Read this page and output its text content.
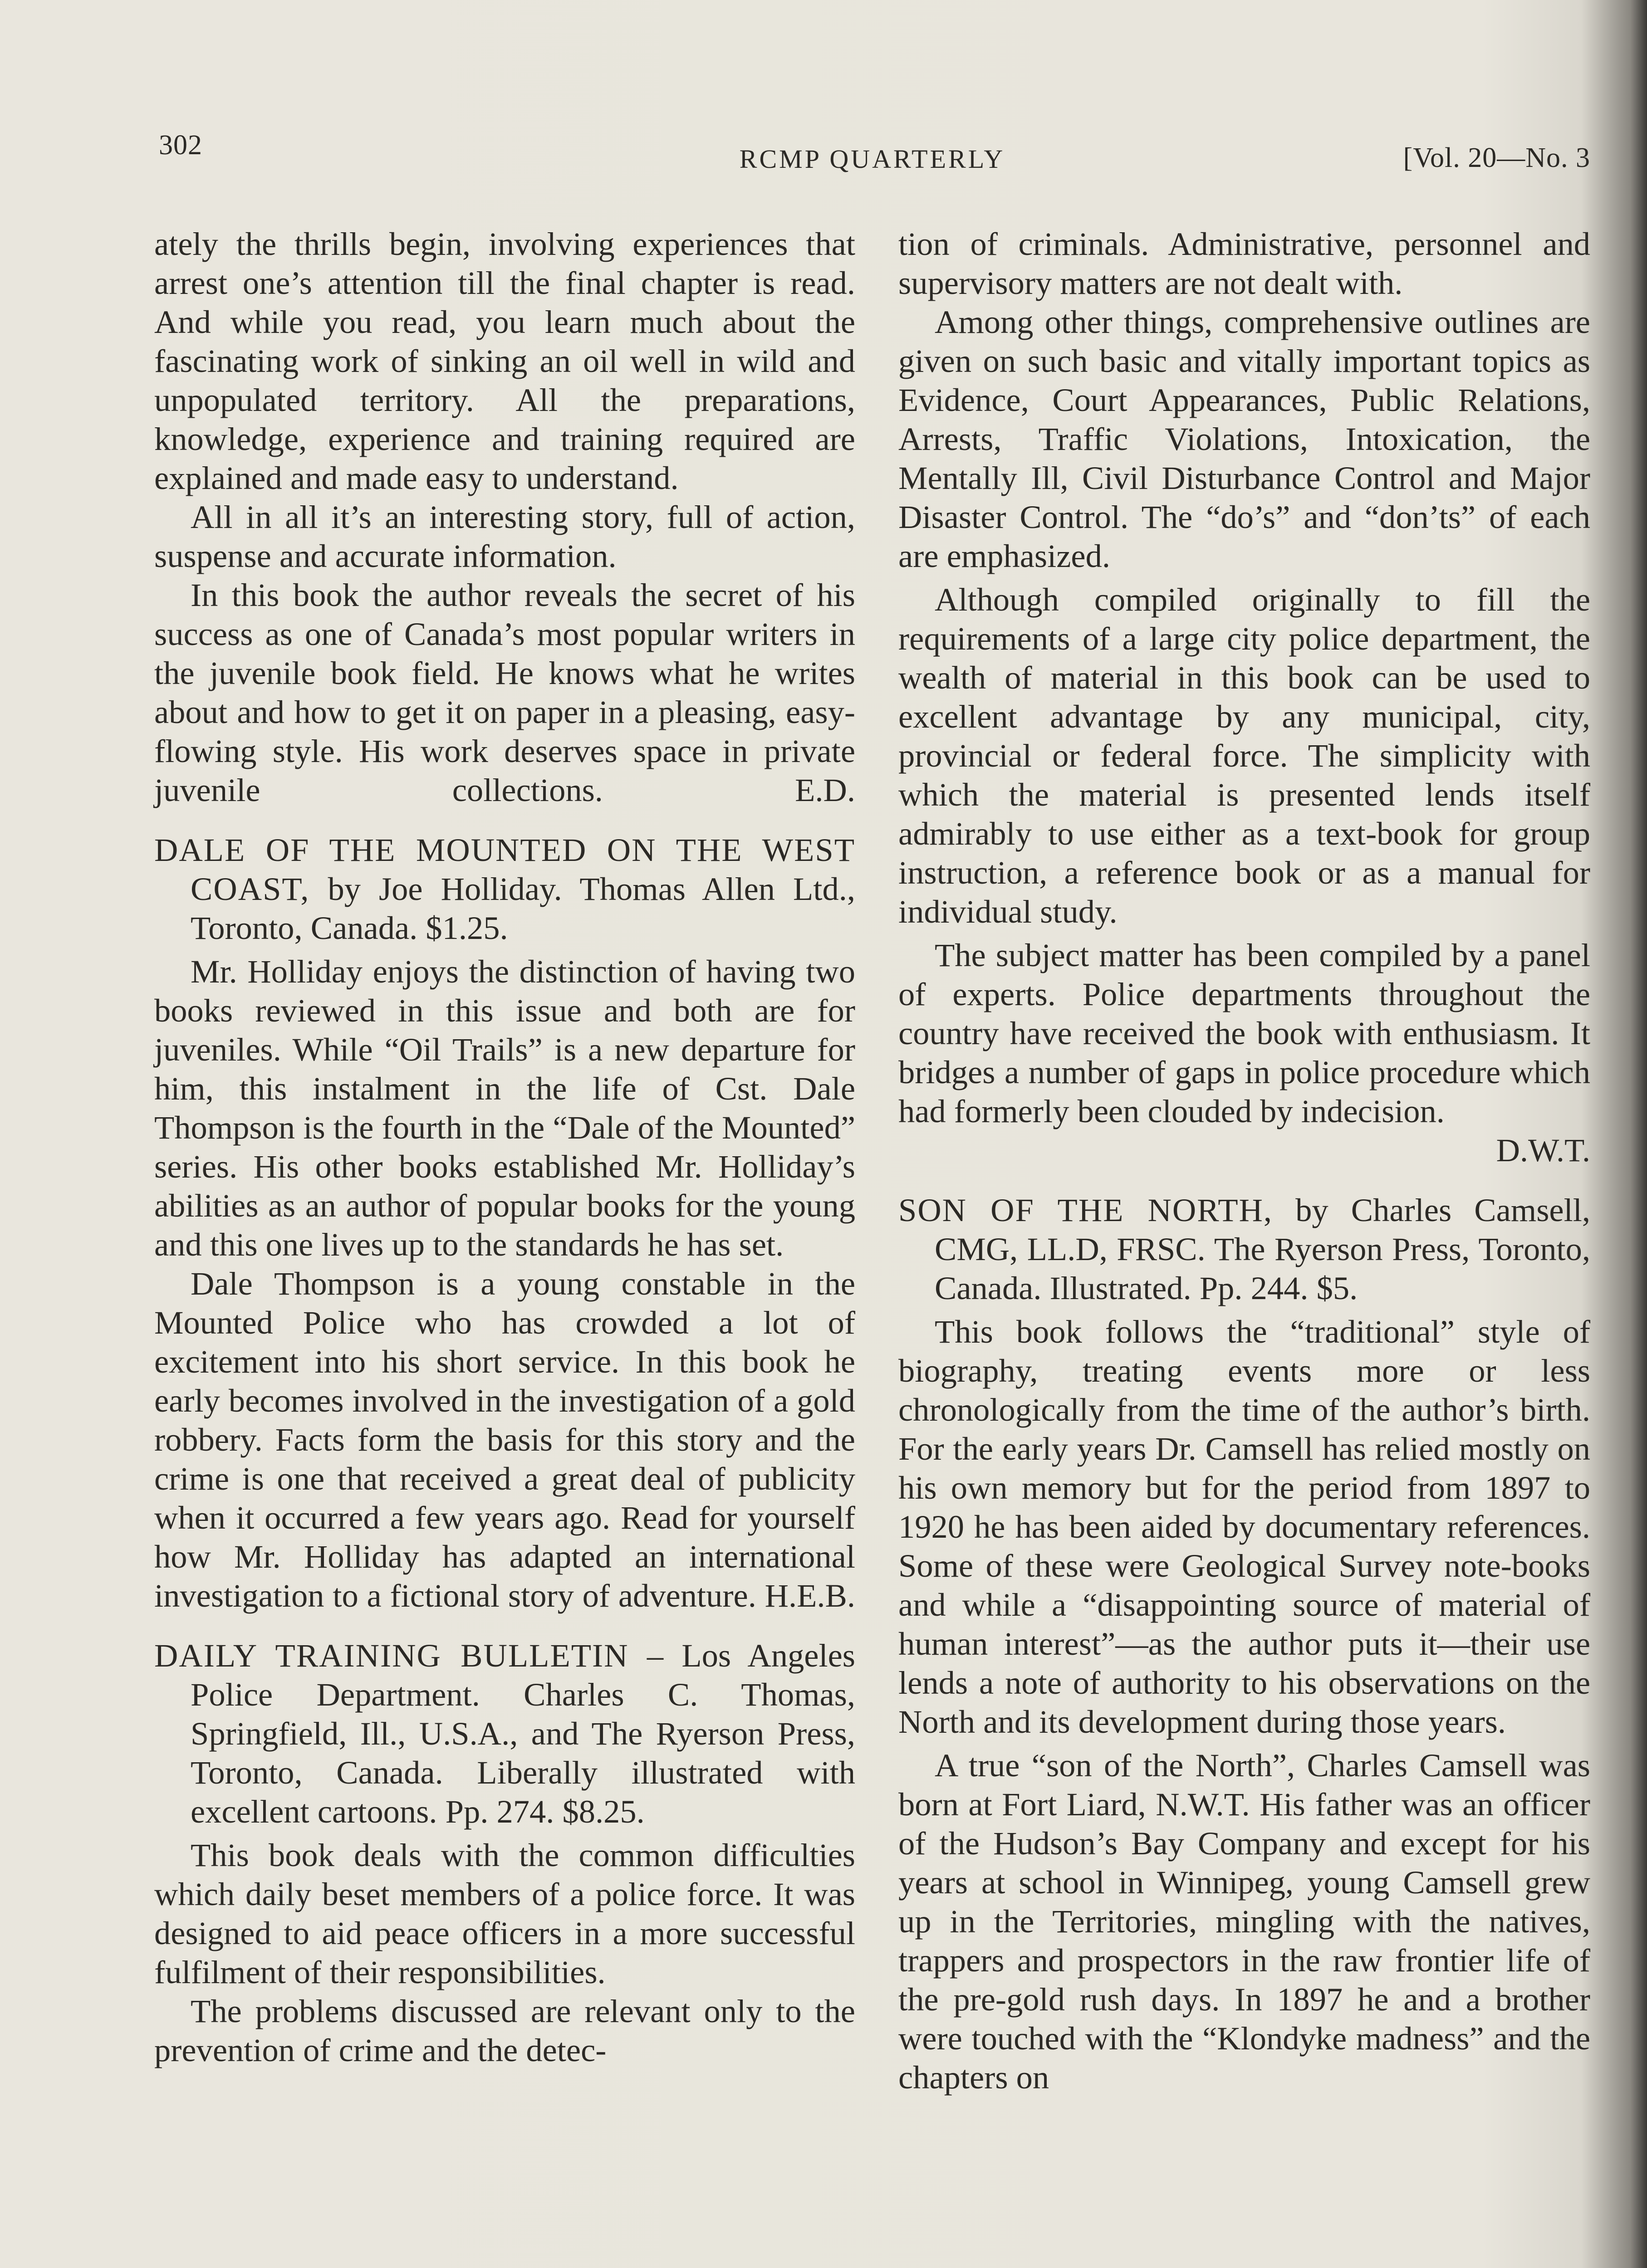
302	RCMP QUARTERLY	[Vol. 20—No. 3

ately the thrills begin, involving experiences that arrest one’s attention till the final chapter is read. And while you read, you learn much about the fascinating work of sinking an oil well in wild and unpopulated territory. All the preparations, knowledge, experience and training required are explained and made easy to understand.

All in all it’s an interesting story, full of action, suspense and accurate information.

In this book the author reveals the secret of his success as one of Canada’s most popular writers in the juvenile book field. He knows what he writes about and how to get it on paper in a pleasing, easy-flowing style. His work deserves space in private juvenile collections.	E.D.

DALE OF THE MOUNTED ON THE WEST COAST, by Joe Holliday. Thomas Allen Ltd., Toronto, Canada. $1.25.

Mr. Holliday enjoys the distinction of having two books reviewed in this issue and both are for juveniles. While “Oil Trails” is a new departure for him, this instalment in the life of Cst. Dale Thompson is the fourth in the “Dale of the Mounted” series. His other books established Mr. Holliday’s abilities as an author of popular books for the young and this one lives up to the standards he has set.

Dale Thompson is a young constable in the Mounted Police who has crowded a lot of excitement into his short service. In this book he early becomes involved in the investigation of a gold robbery. Facts form the basis for this story and the crime is one that received a great deal of publicity when it occurred a few years ago. Read for yourself how Mr. Holliday has adapted an international investigation to a fictional story of adventure. H.E.B.

DAILY TRAINING BULLETIN – Los Angeles Police Department. Charles C. Thomas, Springfield, Ill., U.S.A., and The Ryerson Press, Toronto, Canada. Liberally illustrated with excellent cartoons. Pp. 274. $8.25.

This book deals with the common difficulties which daily beset members of a police force. It was designed to aid peace officers in a more successful fulfilment of their responsibilities.

The problems discussed are relevant only to the prevention of crime and the detec-

tion of criminals. Administrative, personnel and supervisory matters are not dealt with.

Among other things, comprehensive outlines are given on such basic and vitally important topics as Evidence, Court Appearances, Public Relations, Arrests, Traffic Violations, Intoxication, the Mentally Ill, Civil Disturbance Control and Major Disaster Control. The “do’s” and “don’ts” of each are emphasized.

Although compiled originally to fill the requirements of a large city police department, the wealth of material in this book can be used to excellent advantage by any municipal, city, provincial or federal force. The simplicity with which the material is presented lends itself admirably to use either as a text-book for group instruction, a reference book or as a manual for individual study.

The subject matter has been compiled by a panel of experts. Police departments throughout the country have received the book with enthusiasm. It bridges a number of gaps in police procedure which had formerly been clouded by indecision.

D.W.T.

SON OF THE NORTH, by Charles Camsell, CMG, LL.D, FRSC. The Ryerson Press, Toronto, Canada. Illustrated. Pp. 244. $5.

This book follows the “traditional” style of biography, treating events more or less chronologically from the time of the author’s birth. For the early years Dr. Camsell has relied mostly on his own memory but for the period from 1897 to 1920 he has been aided by documentary references. Some of these were Geological Survey note-books and while a “disappointing source of material of human interest”—as the author puts it—their use lends a note of authority to his observations on the North and its development during those years.

A true “son of the North”, Charles Camsell was born at Fort Liard, N.W.T. His father was an officer of the Hudson’s Bay Company and except for his years at school in Winnipeg, young Camsell grew up in the Territories, mingling with the natives, trappers and prospectors in the raw frontier life of the pre-gold rush days. In 1897 he and a brother were touched with the “Klondyke madness” and the chapters on
